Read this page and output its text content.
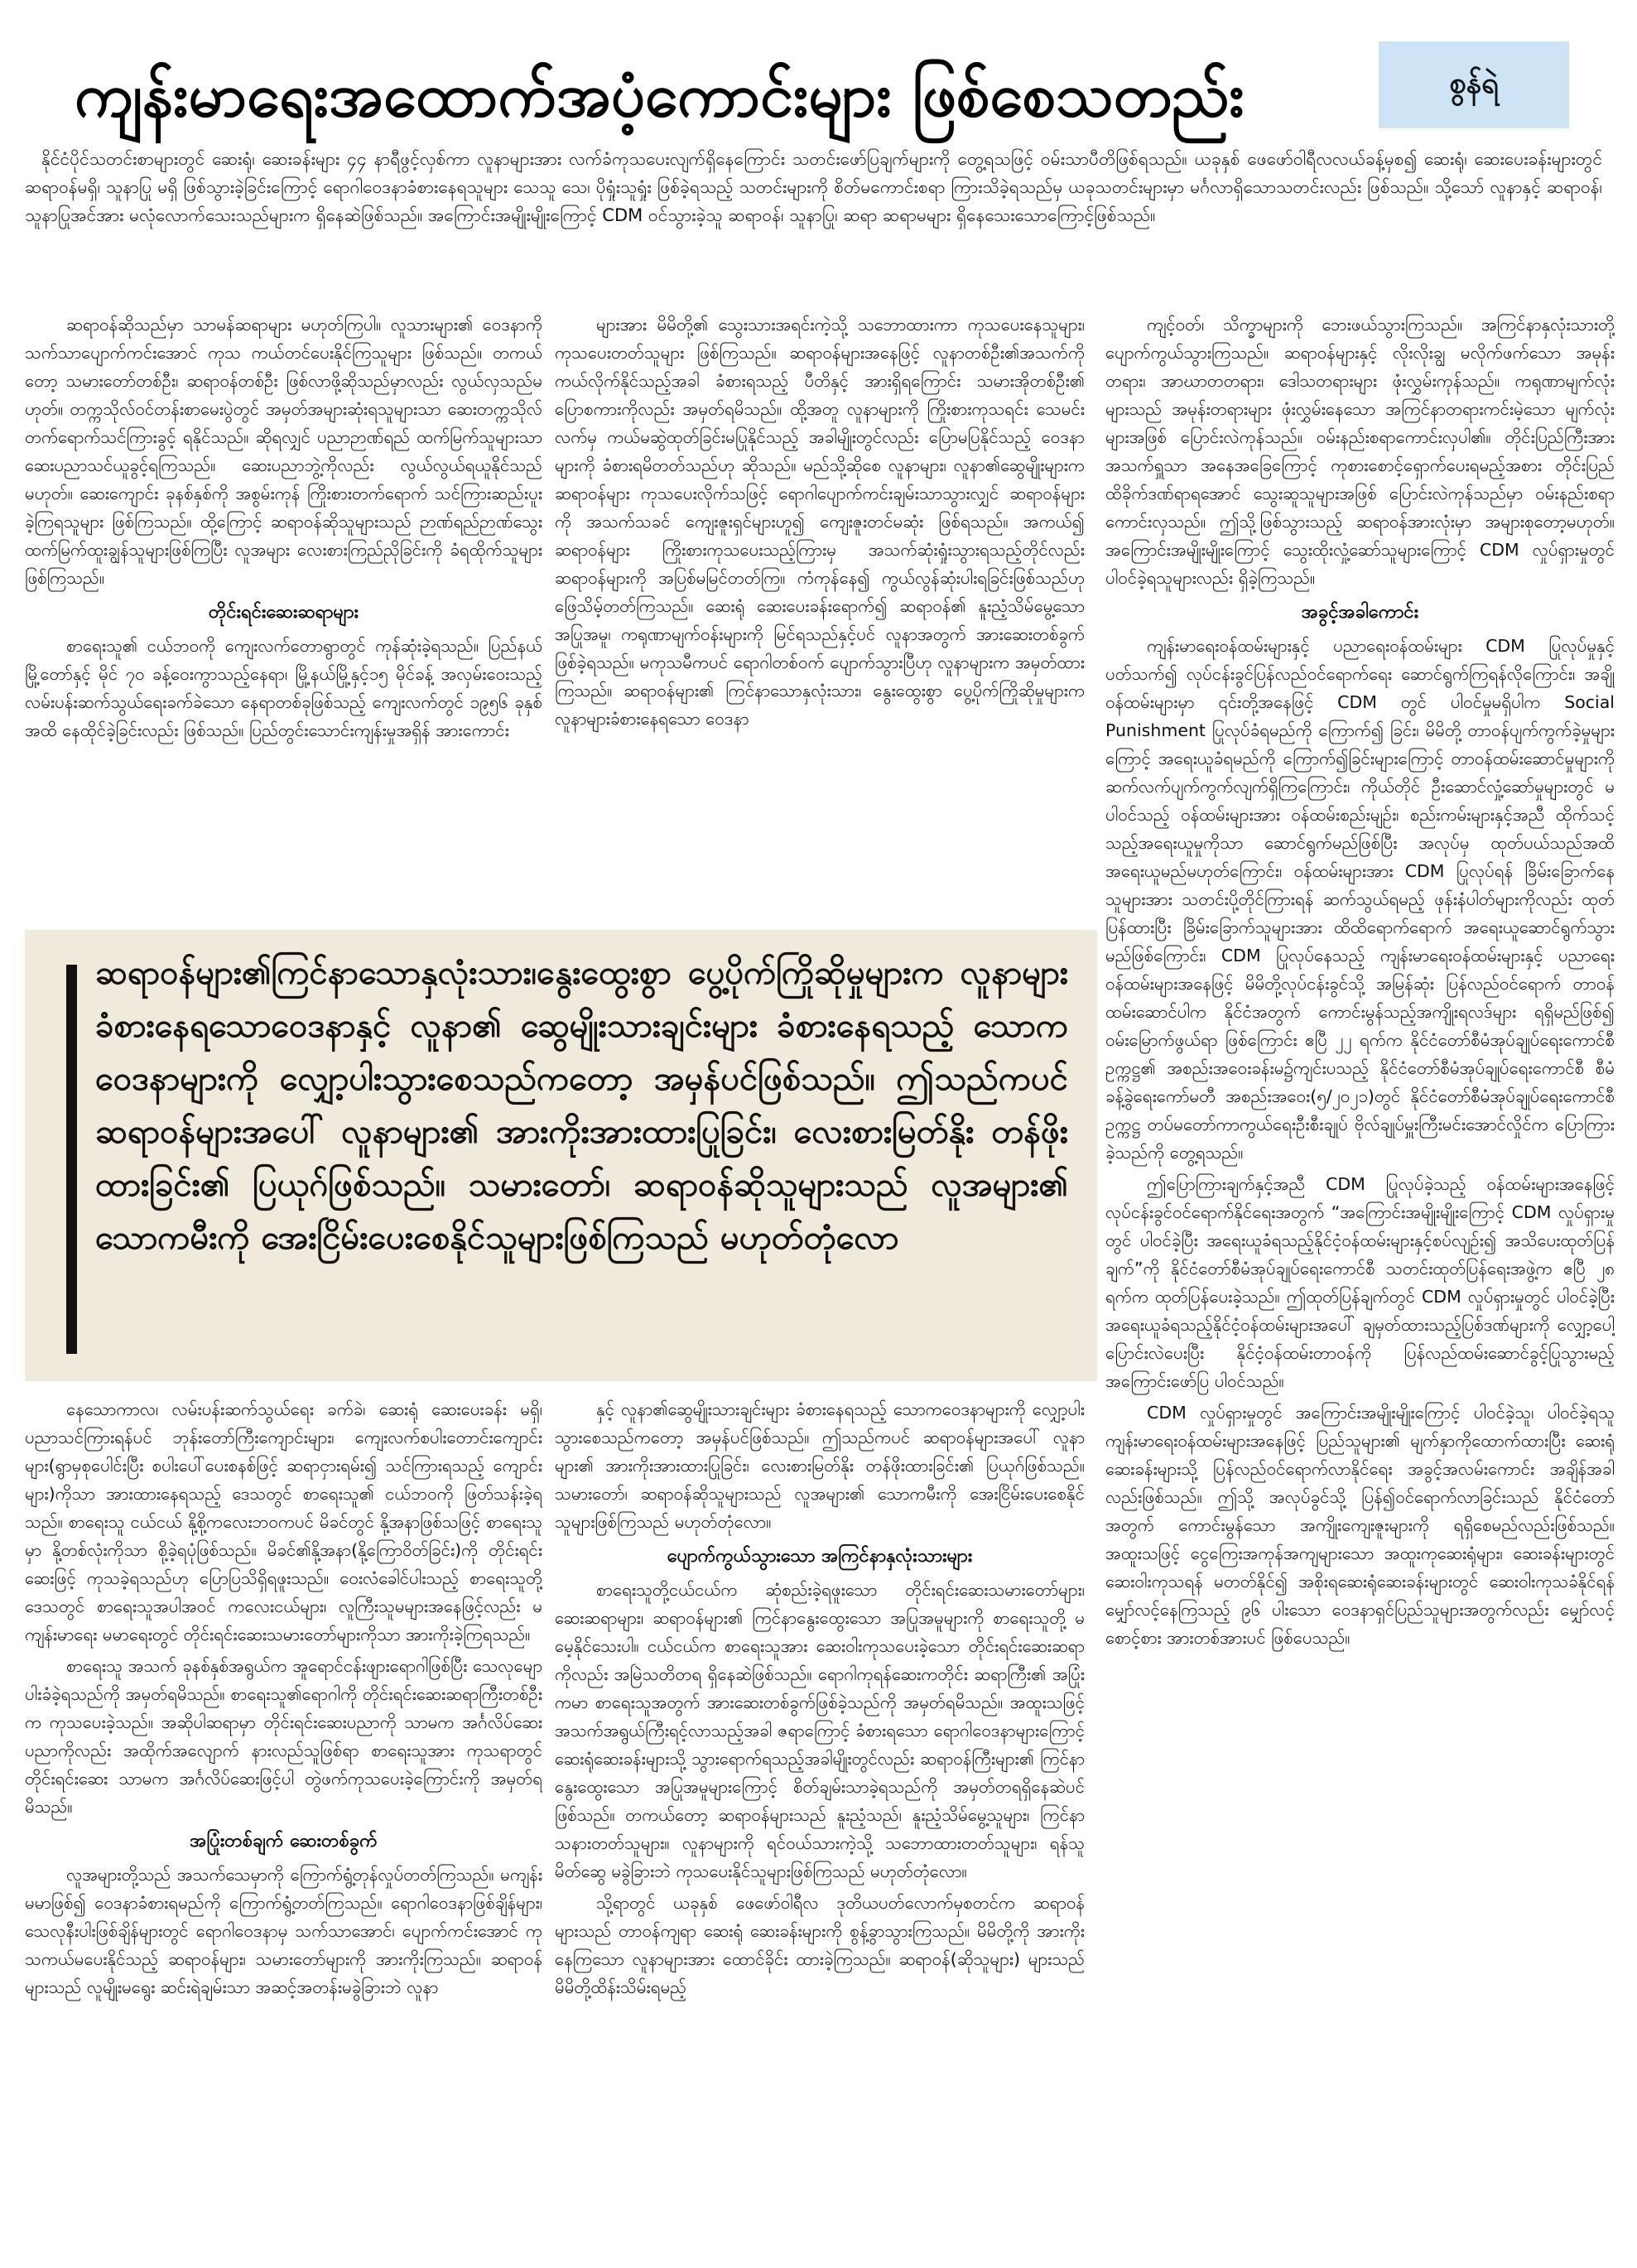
ကျန်းမာရေးအထောက်အပံ့ကောင်းများ ဖြစ်စေသတည်း	စွန်ရဲ
နိုင်ငံပိုင်သတင်းစာများတွင် ဆေးရုံ၊ ဆေးခန်းများ ၄၄ နာရီဖွင့်လှစ်ကာ လူနာများအား လက်ခံကုသပေးလျက်ရှိနေကြောင်း သတင်းဖော်ပြချက်များကို တွေ့ရသဖြင့် ဝမ်းသာပီတိဖြစ်ရသည်။ ယခုနှစ် ဖေဖော်ဝါရီလလယ်ခန့်မှစ၍ ဆေးရုံ၊ ဆေးပေးခန်းများတွင် ဆရာဝန်မရှိ၊ သူနာပြု မရှိ ဖြစ်သွားခဲ့ခြင်းကြောင့် ရောဂါဝေဒနာခံစားနေရသူများ သေသူ သေ၊ ပိုရှုံးသူရှုံး ဖြစ်ခဲ့ရသည့် သတင်းများကို စိတ်မကောင်းစရာ ကြားသိခဲ့ရသည်မှ ယခုသတင်းများမှာ မင်္ဂလာရှိသောသတင်းလည်း ဖြစ်သည်။ သို့သော် လူနာနှင့် ဆရာဝန်၊ သူနာပြုအင်အား မလုံလောက်သေးသည်များက ရှိနေဆဲဖြစ်သည်။ အကြောင်းအမျိုးမျိုးကြောင့် CDM ဝင်သွားခဲ့သူ ဆရာဝန်၊ သူနာပြု၊ ဆရာ ဆရာမများ ရှိနေသေးသောကြောင့်ဖြစ်သည်။

ဆရာဝန်ဆိုသည်မှာ သာမန်ဆရာများ မဟုတ်ကြပါ။ လူသားများ၏ ဝေဒနာကို သက်သာပျောက်ကင်းအောင် ကုသ ကယ်တင်ပေးနိုင်ကြသူများ ဖြစ်သည်။ တကယ်တော့ သမားတော်တစ်ဦး၊ ဆရာဝန်တစ်ဦး ဖြစ်လာဖို့ဆိုသည်မှာလည်း လွယ်လှသည်မဟုတ်။ တက္ကသိုလ်ဝင်တန်းစာမေးပွဲတွင် အမှတ်အများဆုံးရသူများသာ ဆေးတက္ကသိုလ် တက်ရောက်သင်ကြားခွင့် ရနိုင်သည်။ ဆိုရလျှင် ပညာဉာဏ်ရည် ထက်မြက်သူများသာ ဆေးပညာသင်ယူခွင့်ရကြသည်။ ဆေးပညာဘွဲ့ကိုလည်း လွယ်လွယ်ရယူနိုင်သည်မဟုတ်။ ဆေးကျောင်း ခုနစ်နှစ်ကို အစွမ်းကုန် ကြိုးစားတက်ရောက် သင်ကြားဆည်းပူးခဲ့ကြရသူများ ဖြစ်ကြသည်။ ထို့ကြောင့် ဆရာဝန်ဆိုသူများသည် ဉာဏ်ရည်ဉာဏ်သွေး ထက်မြက်ထူးချွန်သူများဖြစ်ကြပြီး လူအများ လေးစားကြည်ညိုခြင်းကို ခံရထိုက်သူများ ဖြစ်ကြသည်။

တိုင်းရင်းဆေးဆရာများ

စာရေးသူ၏ ငယ်ဘဝကို ကျေးလက်တောရွာတွင် ကုန်ဆုံးခဲ့ရသည်။ ပြည်နယ် မြို့တော်နှင့် မိုင် ၇၀ ခန့်ဝေးကွာသည့်နေရာ၊ မြို့နယ်မြို့နှင့်၁၅ မိုင်ခန့် အလှမ်းဝေးသည့် လမ်းပန်းဆက်သွယ်ရေးခက်ခဲသော နေရာတစ်ခုဖြစ်သည့် ကျေးလက်တွင် ၁၉၅၆ ခုနှစ်အထိ နေထိုင်ခဲ့ခြင်းလည်း ဖြစ်သည်။ ပြည်တွင်းသောင်းကျန်းမှုအရှိန် အားကောင်း

များအား မိမိတို့၏ သွေးသားအရင်းကဲ့သို့ သဘောထားကာ ကုသပေးနေသူများ၊ ကုသပေးတတ်သူများ ဖြစ်ကြသည်။ ဆရာဝန်များအနေဖြင့် လူနာတစ်ဦး၏အသက်ကို ကယ်လိုက်နိုင်သည့်အခါ ခံစားရသည့် ပီတိနှင့် အားရှိရကြောင်း သမားအိုတစ်ဦး၏ ပြောစကားကိုလည်း အမှတ်ရမိသည်။ ထို့အတူ လူနာများကို ကြိုးစားကုသရင်း သေမင်းလက်မှ ကယ်မဆွဲထုတ်ခြင်းမပြုနိုင်သည့် အခါမျိုးတွင်လည်း ပြောမပြနိုင်သည့် ဝေဒနာများကို ခံစားရမိတတ်သည်ဟု ဆိုသည်။ မည်သို့ဆိုစေ လူနာများ၊ လူနာ၏ဆွေမျိုးများက ဆရာဝန်များ ကုသပေးလိုက်သဖြင့် ရောဂါပျောက်ကင်းချမ်းသာသွားလျှင် ဆရာဝန်များကို အသက်သခင် ကျေးဇူးရှင်များဟူ၍ ကျေးဇူးတင်မဆုံး ဖြစ်ရသည်။ အကယ်၍ ဆရာဝန်များ ကြိုးစားကုသပေးသည့်ကြားမှ အသက်ဆုံးရှုံးသွားရသည့်တိုင်လည်း ဆရာဝန်များကို အပြစ်မမြင်တတ်ကြ။ ကံကုန်နေ၍ ကွယ်လွန်ဆုံးပါးရခြင်းဖြစ်သည်ဟု ဖြေသိမ့်တတ်ကြသည်။ ဆေးရုံ ဆေးပေးခန်းရောက်၍ ဆရာဝန်၏ နူးညံ့သိမ်မွေ့သောအပြုအမူ၊ ကရုဏာမျက်ဝန်းများကို မြင်ရသည်နှင့်ပင် လူနာအတွက် အားဆေးတစ်ခွက်ဖြစ်ခဲ့ရသည်။ မကုသမီကပင် ရောဂါတစ်ဝက် ပျောက်သွားပြီဟု လူနာများက အမှတ်ထားကြသည်။ ဆရာဝန်များ၏ ကြင်နာသောနှလုံးသား၊ နွေးထွေးစွာ ပွေ့ပိုက်ကြိုဆိုမှုများက လူနာများခံစားနေရသော ဝေဒနာ

ကျင့်ဝတ်၊ သိက္ခာများကို ဘေးဖယ်သွားကြသည်။ အကြင်နာနှလုံးသားတို့ ပျောက်ကွယ်သွားကြသည်။ ဆရာဝန်များနှင့် လိုးလိုးချွ မလိုက်ဖက်သော အမုန်းတရား၊ အာဃာတတရား၊ ဒေါသတရားများ ဖုံးလွှမ်းကုန်သည်။ ကရုဏာမျက်လုံးများသည် အမုန်းတရားများ ဖုံးလွှမ်းနေသော အကြင်နာတရားကင်းမဲ့သော မျက်လုံးများအဖြစ် ပြောင်းလဲကုန်သည်။ ဝမ်းနည်းစရာကောင်းလှပါ၏။ တိုင်းပြည်ကြီးအား အသက်ရှူသာ အနေအခြေကြောင့် ကုစားစောင့်ရှောက်ပေးရမည့်အစား တိုင်းပြည် ထိခိုက်ဒဏ်ရာရအောင် သွေးဆူသူများအဖြစ် ပြောင်းလဲကုန်သည်မှာ ဝမ်းနည်းစရာကောင်းလှသည်။ ဤသို့ဖြစ်သွားသည့် ဆရာဝန်အားလုံးမှာ အများစုတော့မဟုတ်။ အကြောင်းအမျိုးမျိုးကြောင့် သွေးထိုးလှုံ့ဆော်သူများကြောင့် CDM လှုပ်ရှားမှုတွင် ပါဝင်ခဲ့ရသူများလည်း ရှိခဲ့ကြသည်။

အခွင့်အခါကောင်း

ကျန်းမာရေးဝန်ထမ်းများနှင့် ပညာရေးဝန်ထမ်းများ CDM ပြုလုပ်မှုနှင့်ပတ်သက်၍ လုပ်ငန်းခွင်ပြန်လည်ဝင်ရောက်ရေး ဆောင်ရွက်ကြရန်လိုကြောင်း၊ အချို့ဝန်ထမ်းများမှာ ၎င်းတို့အနေဖြင့် CDM တွင် ပါဝင်မှုမရှိပါက Social Punishment ပြုလုပ်ခံရမည်ကို ကြောက်၍ ခြင်း၊ မိမိတို့ တာဝန်ပျက်ကွက်ခဲ့မှုများကြောင့် အရေးယူခံရမည်ကို ကြောက်၍ခြင်းများကြောင့် တာဝန်ထမ်းဆောင်မှုများကို ဆက်လက်ပျက်ကွက်လျက်ရှိကြကြောင်း၊ ကိုယ်တိုင် ဦးဆောင်လှုံ့ဆော်မှုများတွင် မပါဝင်သည့် ဝန်ထမ်းများအား ဝန်ထမ်းစည်းမျဉ်း၊ စည်းကမ်းများနှင့်အညီ ထိုက်သင့်သည့်အရေးယူမှုကိုသာ ဆောင်ရွက်မည်ဖြစ်ပြီး အလုပ်မှ ထုတ်ပယ်သည်အထိ အရေးယူမည်မဟုတ်ကြောင်း၊ ဝန်ထမ်းများအား CDM ပြုလုပ်ရန် ခြိမ်းခြောက်နေသူများအား သတင်းပို့တိုင်ကြားရန် ဆက်သွယ်ရမည့် ဖုန်းနံပါတ်များကိုလည်း ထုတ်ပြန်ထားပြီး ခြိမ်းခြောက်သူများအား ထိထိရောက်ရောက် အရေးယူဆောင်ရွက်သွားမည်ဖြစ်ကြောင်း၊ CDM ပြုလုပ်နေသည့် ကျန်းမာရေးဝန်ထမ်းများနှင့် ပညာရေးဝန်ထမ်းများအနေဖြင့် မိမိတို့လုပ်ငန်းခွင်သို့ အမြန်ဆုံး ပြန်လည်ဝင်ရောက် တာဝန်ထမ်းဆောင်ပါက နိုင်ငံအတွက် ကောင်းမွန်သည့်အကျိုးရလဒ်များ ရရှိမည်ဖြစ်၍ ဝမ်းမြောက်ဖွယ်ရာ ဖြစ်ကြောင်း ဧပြီ ၂၂ ရက်က နိုင်ငံတော်စီမံအုပ်ချုပ်ရေးကောင်စီဥက္ကဋ္ဌ၏ အစည်းအဝေးခန်းမ၌ကျင်းပသည့် နိုင်ငံတော်စီမံအုပ်ချုပ်ရေးကောင်စီ စီမံခန့်ခွဲရေးကော်မတီ အစည်းအဝေး(၅/၂၀၂၁)တွင် နိုင်ငံတော်စီမံအုပ်ချုပ်ရေးကောင်စီဥက္ကဋ္ဌ တပ်မတော်ကာကွယ်ရေးဦးစီးချုပ် ဗိုလ်ချုပ်မှူးကြီးမင်းအောင်လှိုင်က ပြောကြားခဲ့သည်ကို တွေ့ရသည်။

ဤပြောကြားချက်နှင့်အညီ CDM ပြုလုပ်ခဲ့သည့် ဝန်ထမ်းများအနေဖြင့် လုပ်ငန်းခွင်ဝင်ရောက်နိုင်ရေးအတွက် “အကြောင်းအမျိုးမျိုးကြောင့် CDM လှုပ်ရှားမှုတွင် ပါဝင်ခဲ့ပြီး အရေးယူခံရသည့်နိုင်ငံ့ဝန်ထမ်းများနှင့်စပ်လျဉ်း၍ အသိပေးထုတ်ပြန်ချက်”ကို နိုင်ငံတော်စီမံအုပ်ချုပ်ရေးကောင်စီ သတင်းထုတ်ပြန်ရေးအဖွဲ့က ဧပြီ ၂၈ ရက်က ထုတ်ပြန်ပေးခဲ့သည်။ ဤထုတ်ပြန်ချက်တွင် CDM လှုပ်ရှားမှုတွင် ပါဝင်ခဲ့ပြီး အရေးယူခံရသည့်နိုင်ငံ့ဝန်ထမ်းများအပေါ် ချမှတ်ထားသည့်ပြစ်ဒဏ်များကို လျှော့ပေါ့ပြောင်းလဲပေးပြီး နိုင်ငံ့ဝန်ထမ်းတာဝန်ကို ပြန်လည်ထမ်းဆောင်ခွင့်ပြုသွားမည့် အကြောင်းဖော်ပြ ပါဝင်သည်။

CDM လှုပ်ရှားမှုတွင် အကြောင်းအမျိုးမျိုးကြောင့် ပါဝင်ခဲ့သူ၊ ပါဝင်ခဲ့ရသူ ကျန်းမာရေးဝန်ထမ်းများအနေဖြင့် ပြည်သူများ၏ မျက်နှာကိုထောက်ထားပြီး ဆေးရုံ ဆေးခန်းများသို့ ပြန်လည်ဝင်ရောက်လာနိုင်ရေး အခွင့်အလမ်းကောင်း အချိန်အခါလည်းဖြစ်သည်။ ဤသို့ အလုပ်ခွင်သို့ ပြန်၍ဝင်ရောက်လာခြင်းသည် နိုင်ငံတော်အတွက် ကောင်းမွန်သော အကျိုးကျေးဇူးများကို ရရှိစေမည်လည်းဖြစ်သည်။ အထူးသဖြင့် ငွေကြေးအကုန်အကျများသော အထူးကုဆေးရုံများ၊ ဆေးခန်းများတွင် ဆေးဝါးကုသရန် မတတ်နိုင်၍ အစိုးရဆေးရုံဆေးခန်းများတွင် ဆေးဝါးကုသခံနိုင်ရန် မျှော်လင့်နေကြသည့် ၉၆ ပါးသော ဝေဒနာရှင်ပြည်သူများအတွက်လည်း မျှော်လင့်စောင့်စား အားတစ်အားပင် ဖြစ်ပေသည်။

ဆရာဝန်များ၏ကြင်နာသောနှလုံးသား၊နွေးထွေးစွာ ပွေ့ပိုက်ကြိုဆိုမှုများက လူနာများခံစားနေရသောဝေဒနာနှင့် လူနာ၏ ဆွေမျိုးသားချင်းများ ခံစားနေရသည့် သောကဝေဒနာများကို လျှော့ပါးသွားစေသည်ကတော့ အမှန်ပင်ဖြစ်သည်။ ဤသည်ကပင် ဆရာဝန်များအပေါ် လူနာများ၏ အားကိုးအားထားပြုခြင်း၊ လေးစားမြတ်နိုး တန်ဖိုးထားခြင်း၏ ပြယုဂ်ဖြစ်သည်။ သမားတော်၊ ဆရာဝန်ဆိုသူများသည် လူအများ၏ သောကမီးကို အေးငြိမ်းပေးစေနိုင်သူများဖြစ်ကြသည် မဟုတ်တုံလော

နေသောကာလ၊ လမ်းပန်းဆက်သွယ်ရေး ခက်ခဲ၊ ဆေးရုံ ဆေးပေးခန်း မရှိ၊ ပညာသင်ကြားရန်ပင် ဘုန်းတော်ကြီးကျောင်းများ၊ ကျေးလက်စပါးတောင်းကျောင်းများ(ရွာမှစုပေါင်းပြီး စပါးပေါ်ပေးစနစ်ဖြင့် ဆရာငှားရမ်း၍ သင်ကြားရသည့် ကျောင်းများ)ကိုသာ အားထားနေရသည့် ဒေသတွင် စာရေးသူ၏ ငယ်ဘဝကို ဖြတ်သန်းခဲ့ရသည်။ စာရေးသူ ငယ်ငယ် နို့စို့ကလေးဘဝကပင် မိခင်တွင် နို့အနာဖြစ်သဖြင့် စာရေးသူမှာ နို့တစ်လုံးကိုသာ စို့ခဲ့ရပုံဖြစ်သည်။ မိခင်၏နို့အနာ(နို့ကြောဝိတ်ခြင်း)ကို တိုင်းရင်းဆေးဖြင့် ကုသခဲ့ရသည်ဟု ပြောပြသိရှိရဖူးသည်။ ဝေးလံခေါင်ပါးသည့် စာရေးသူတို့ဒေသတွင် စာရေးသူအပါအဝင် ကလေးငယ်များ၊ လူကြီးသူမများအနေဖြင့်လည်း မကျန်းမာရေး မမာရေးတွင် တိုင်းရင်းဆေးသမားတော်များကိုသာ အားကိုးခဲ့ကြရသည်။

စာရေးသူ အသက် ခုနစ်နှစ်အရွယ်က အူရောင်ငန်းဖျားရောဂါဖြစ်ပြီး သေလုမျောပါးခံခဲ့ရသည်ကို အမှတ်ရမိသည်။ စာရေးသူ၏ရောဂါကို တိုင်းရင်းဆေးဆရာကြီးတစ်ဦးက ကုသပေးခဲ့သည်။ အဆိုပါဆရာမှာ တိုင်းရင်းဆေးပညာကို သာမက အင်္ဂလိပ်ဆေးပညာကိုလည်း အထိုက်အလျောက် နားလည်သူဖြစ်ရာ စာရေးသူအား ကုသရာတွင် တိုင်းရင်းဆေး သာမက အင်္ဂလိပ်ဆေးဖြင့်ပါ တွဲဖက်ကုသပေးခဲ့ကြောင်းကို အမှတ်ရမိသည်။

အပြုံးတစ်ချက် ဆေးတစ်ခွက်

လူအများတို့သည် အသက်သေမှာကို ကြောက်ရွံ့တုန်လှုပ်တတ်ကြသည်။ မကျန်းမမာဖြစ်၍ ဝေဒနာခံစားရမည်ကို ကြောက်ရွံ့တတ်ကြသည်။ ရောဂါဝေဒနာဖြစ်ချိန်များ၊ သေလုနီးပါးဖြစ်ချိန်များတွင် ရောဂါဝေဒနာမှ သက်သာအောင်၊ ပျောက်ကင်းအောင် ကုသကယ်မပေးနိုင်သည့် ဆရာဝန်များ၊ သမားတော်များကို အားကိုးကြသည်။ ဆရာဝန်များသည် လူမျိုးမရွေး ဆင်းရဲချမ်းသာ အဆင့်အတန်းမခွဲခြားဘဲ လူနာ

နှင့် လူနာ၏ဆွေမျိုးသားချင်းများ ခံစားနေရသည့် သောကဝေဒနာများကို လျှော့ပါးသွားစေသည်ကတော့ အမှန်ပင်ဖြစ်သည်။ ဤသည်ကပင် ဆရာဝန်များအပေါ် လူနာများ၏ အားကိုးအားထားပြုခြင်း၊ လေးစားမြတ်နိုး တန်ဖိုးထားခြင်း၏ ပြယုဂ်ဖြစ်သည်။ သမားတော်၊ ဆရာဝန်ဆိုသူများသည် လူအများ၏ သောကမီးကို အေးငြိမ်းပေးစေနိုင်သူများဖြစ်ကြသည် မဟုတ်တုံလော။

ပျောက်ကွယ်သွားသော အကြင်နာနှလုံးသားများ

စာရေးသူတို့ငယ်ငယ်က ဆုံစည်းခဲ့ရဖူးသော တိုင်းရင်းဆေးသမားတော်များ၊ ဆေးဆရာများ၊ ဆရာဝန်များ၏ ကြင်နာနွေးထွေးသော အပြုအမူများကို စာရေးသူတို့ မမေ့နိုင်သေးပါ။ ငယ်ငယ်က စာရေးသူအား ဆေးဝါးကုသပေးခဲ့သော တိုင်းရင်းဆေးဆရာကိုလည်း အမြဲသတိတရ ရှိနေဆဲဖြစ်သည်။ ရောဂါကုရန်ဆေးကတိုင်း ဆရာကြီး၏ အပြုံးကမာ စာရေးသူအတွက် အားဆေးတစ်ခွက်ဖြစ်ခဲ့သည်ကို အမှတ်ရမိသည်။ အထူးသဖြင့် အသက်အရွယ်ကြီးရင့်လာသည့်အခါ ဇရာကြောင့် ခံစားရသော ရောဂါဝေဒနာများကြောင့် ဆေးရုံဆေးခန်းများသို့ သွားရောက်ရသည့်အခါမျိုးတွင်လည်း ဆရာဝန်ကြီးများ၏ ကြင်နာနွေးထွေးသော အပြုအမူများကြောင့် စိတ်ချမ်းသာခဲ့ရသည်ကို အမှတ်တရရှိနေဆဲပင်ဖြစ်သည်။ တကယ်တော့ ဆရာဝန်များသည် နူးညံ့သည်၊ နူးညံ့သိမ်မွေ့သူများ၊ ကြင်နာသနားတတ်သူများ။ လူနာများကို ရင်ဝယ်သားကဲ့သို့ သဘောထားတတ်သူများ၊ ရန်သူ မိတ်ဆွေ မခွဲခြားဘဲ ကုသပေးနိုင်သူများဖြစ်ကြသည် မဟုတ်တုံလော။

သို့ရာတွင် ယခုနှစ် ဖေဖော်ဝါရီလ ဒုတိယပတ်လောက်မှစတင်က ဆရာဝန်များသည် တာဝန်ကျရာ ဆေးရုံ ဆေးခန်းများကို စွန့်ခွာသွားကြသည်။ မိမိတို့ကို အားကိုးနေကြသော လူနာများအား ထောင်ခိုင်း ထားခဲ့ကြသည်။ ဆရာဝန်(ဆိုသူများ) များသည် မိမိတို့ထိန်းသိမ်းရမည့်
